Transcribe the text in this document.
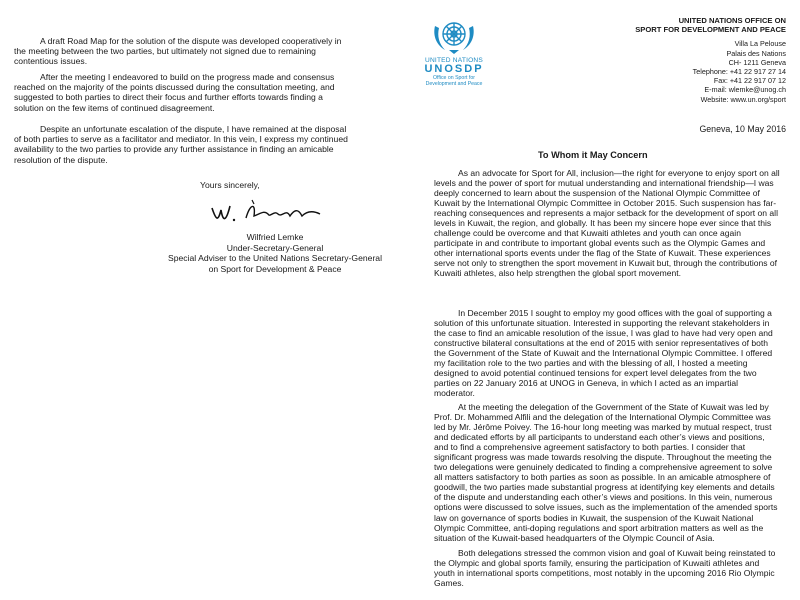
A draft Road Map for the solution of the dispute was developed cooperatively in the meeting between the two parties, but ultimately not signed due to remaining contentious issues.

After the meeting I endeavored to build on the progress made and consensus reached on the majority of the points discussed during the consultation meeting, and suggested to both parties to direct their focus and further efforts towards finding a solution on the few items of continued disagreement.

Despite an unfortunate escalation of the dispute, I have remained at the disposal of both parties to serve as a facilitator and mediator. In this vein, I express my continued availability to the two parties to provide any further assistance in finding an amicable resolution of the dispute.

Yours sincerely,
Wilfried Lemke
Under-Secretary-General
Special Adviser to the United Nations Secretary-General
on Sport for Development & Peace
UNITED NATIONS
UNOSDP
Office on Sport for
Development and Peace
UNITED NATIONS OFFICE ON
SPORT FOR DEVELOPMENT AND PEACE
Villa La Pelouse
Palais des Nations
CH- 1211 Geneva
Telephone: +41 22 917 27 14
Fax: +41 22 917 07 12
E-mail: wlemke@unog.ch
Website: www.un.org/sport
Geneva, 10 May 2016
To Whom it May Concern

As an advocate for Sport for All, inclusion—the right for everyone to enjoy sport on all levels and the power of sport for mutual understanding and international friendship—I was deeply concerned to learn about the suspension of the National Olympic Committee of Kuwait by the International Olympic Committee in October 2015. Such suspension has far-reaching consequences and represents a major setback for the development of sport on all levels in Kuwait, the region, and globally. It has been my sincere hope ever since that this challenge could be overcome and that Kuwaiti athletes and youth can once again participate in and contribute to important global events such as the Olympic Games and other international sports events under the flag of the State of Kuwait. These experiences serve not only to strengthen the sport movement in Kuwait but, through the contributions of Kuwaiti athletes, also help strengthen the global sport movement.

In December 2015 I sought to employ my good offices with the goal of supporting a solution of this unfortunate situation. Interested in supporting the relevant stakeholders in the case to find an amicable resolution of the issue, I was glad to have had very open and constructive bilateral consultations at the end of 2015 with senior representatives of both the Government of the State of Kuwait and the International Olympic Committee. I offered my facilitation role to the two parties and with the blessing of all, I hosted a meeting designed to avoid potential continued tensions for expert level delegates from the two parties on 22 January 2016 at UNOG in Geneva, in which I acted as an impartial moderator.

At the meeting the delegation of the Government of the State of Kuwait was led by Prof. Dr. Mohammed Alfili and the delegation of the International Olympic Committee was led by Mr. Jérôme Poivey. The 16-hour long meeting was marked by mutual respect, trust and dedicated efforts by all participants to understand each other’s views and positions, and to find a comprehensive agreement satisfactory to both parties. I consider that significant progress was made towards resolving the dispute. Throughout the meeting the two delegations were genuinely dedicated to finding a comprehensive agreement to solve all matters satisfactory to both parties as soon as possible. In an amicable atmosphere of goodwill, the two parties made substantial progress at identifying key elements and details of the dispute and understanding each other’s views and positions. In this vein, numerous options were discussed to solve issues, such as the implementation of the amended sports law on governance of sports bodies in Kuwait, the suspension of the Kuwait National Olympic Committee, anti-doping regulations and sport arbitration matters as well as the situation of the Kuwait-based headquarters of the Olympic Council of Asia.

Both delegations stressed the common vision and goal of Kuwait being reinstated to the Olympic and global sports family, ensuring the participation of Kuwaiti athletes and youth in international sports competitions, most notably in the upcoming 2016 Rio Olympic Games.
